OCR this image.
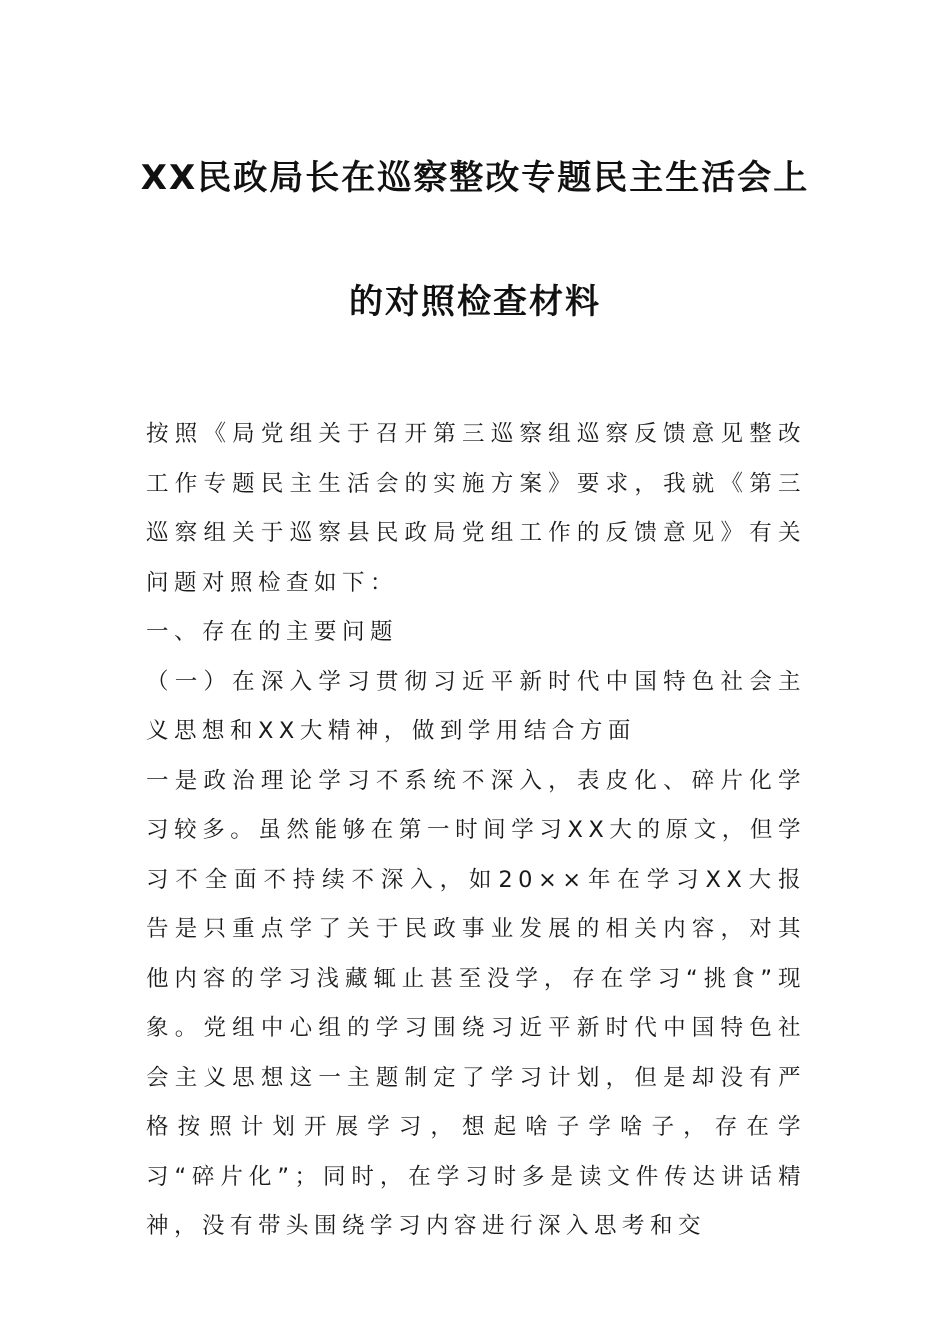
XX民政局长在巡察整改专题民主生活会上
的对照检查材料

按照《局党组关于召开第三巡察组巡察反馈意见整改工作专题民主生活会的实施方案》要求，我就《第三巡察组关于巡察县民政局党组工作的反馈意见》有关问题对照检查如下：

一、存在的主要问题

（一）在深入学习贯彻习近平新时代中国特色社会主义思想和XX大精神，做到学用结合方面

一是政治理论学习不系统不深入，表皮化、碎片化学习较多。虽然能够在第一时间学习XX大的原文，但学习不全面不持续不深入，如20××年在学习XX大报告是只重点学了关于民政事业发展的相关内容，对其他内容的学习浅藏辄止甚至没学，存在学习“挑食”现象。党组中心组的学习围绕习近平新时代中国特色社会主义思想这一主题制定了学习计划，但是却没有严格按照计划开展学习，想起啥子学啥子，存在学习“碎片化”；同时，在学习时多是读文件传达讲话精神，没有带头围绕学习内容进行深入思考和交
